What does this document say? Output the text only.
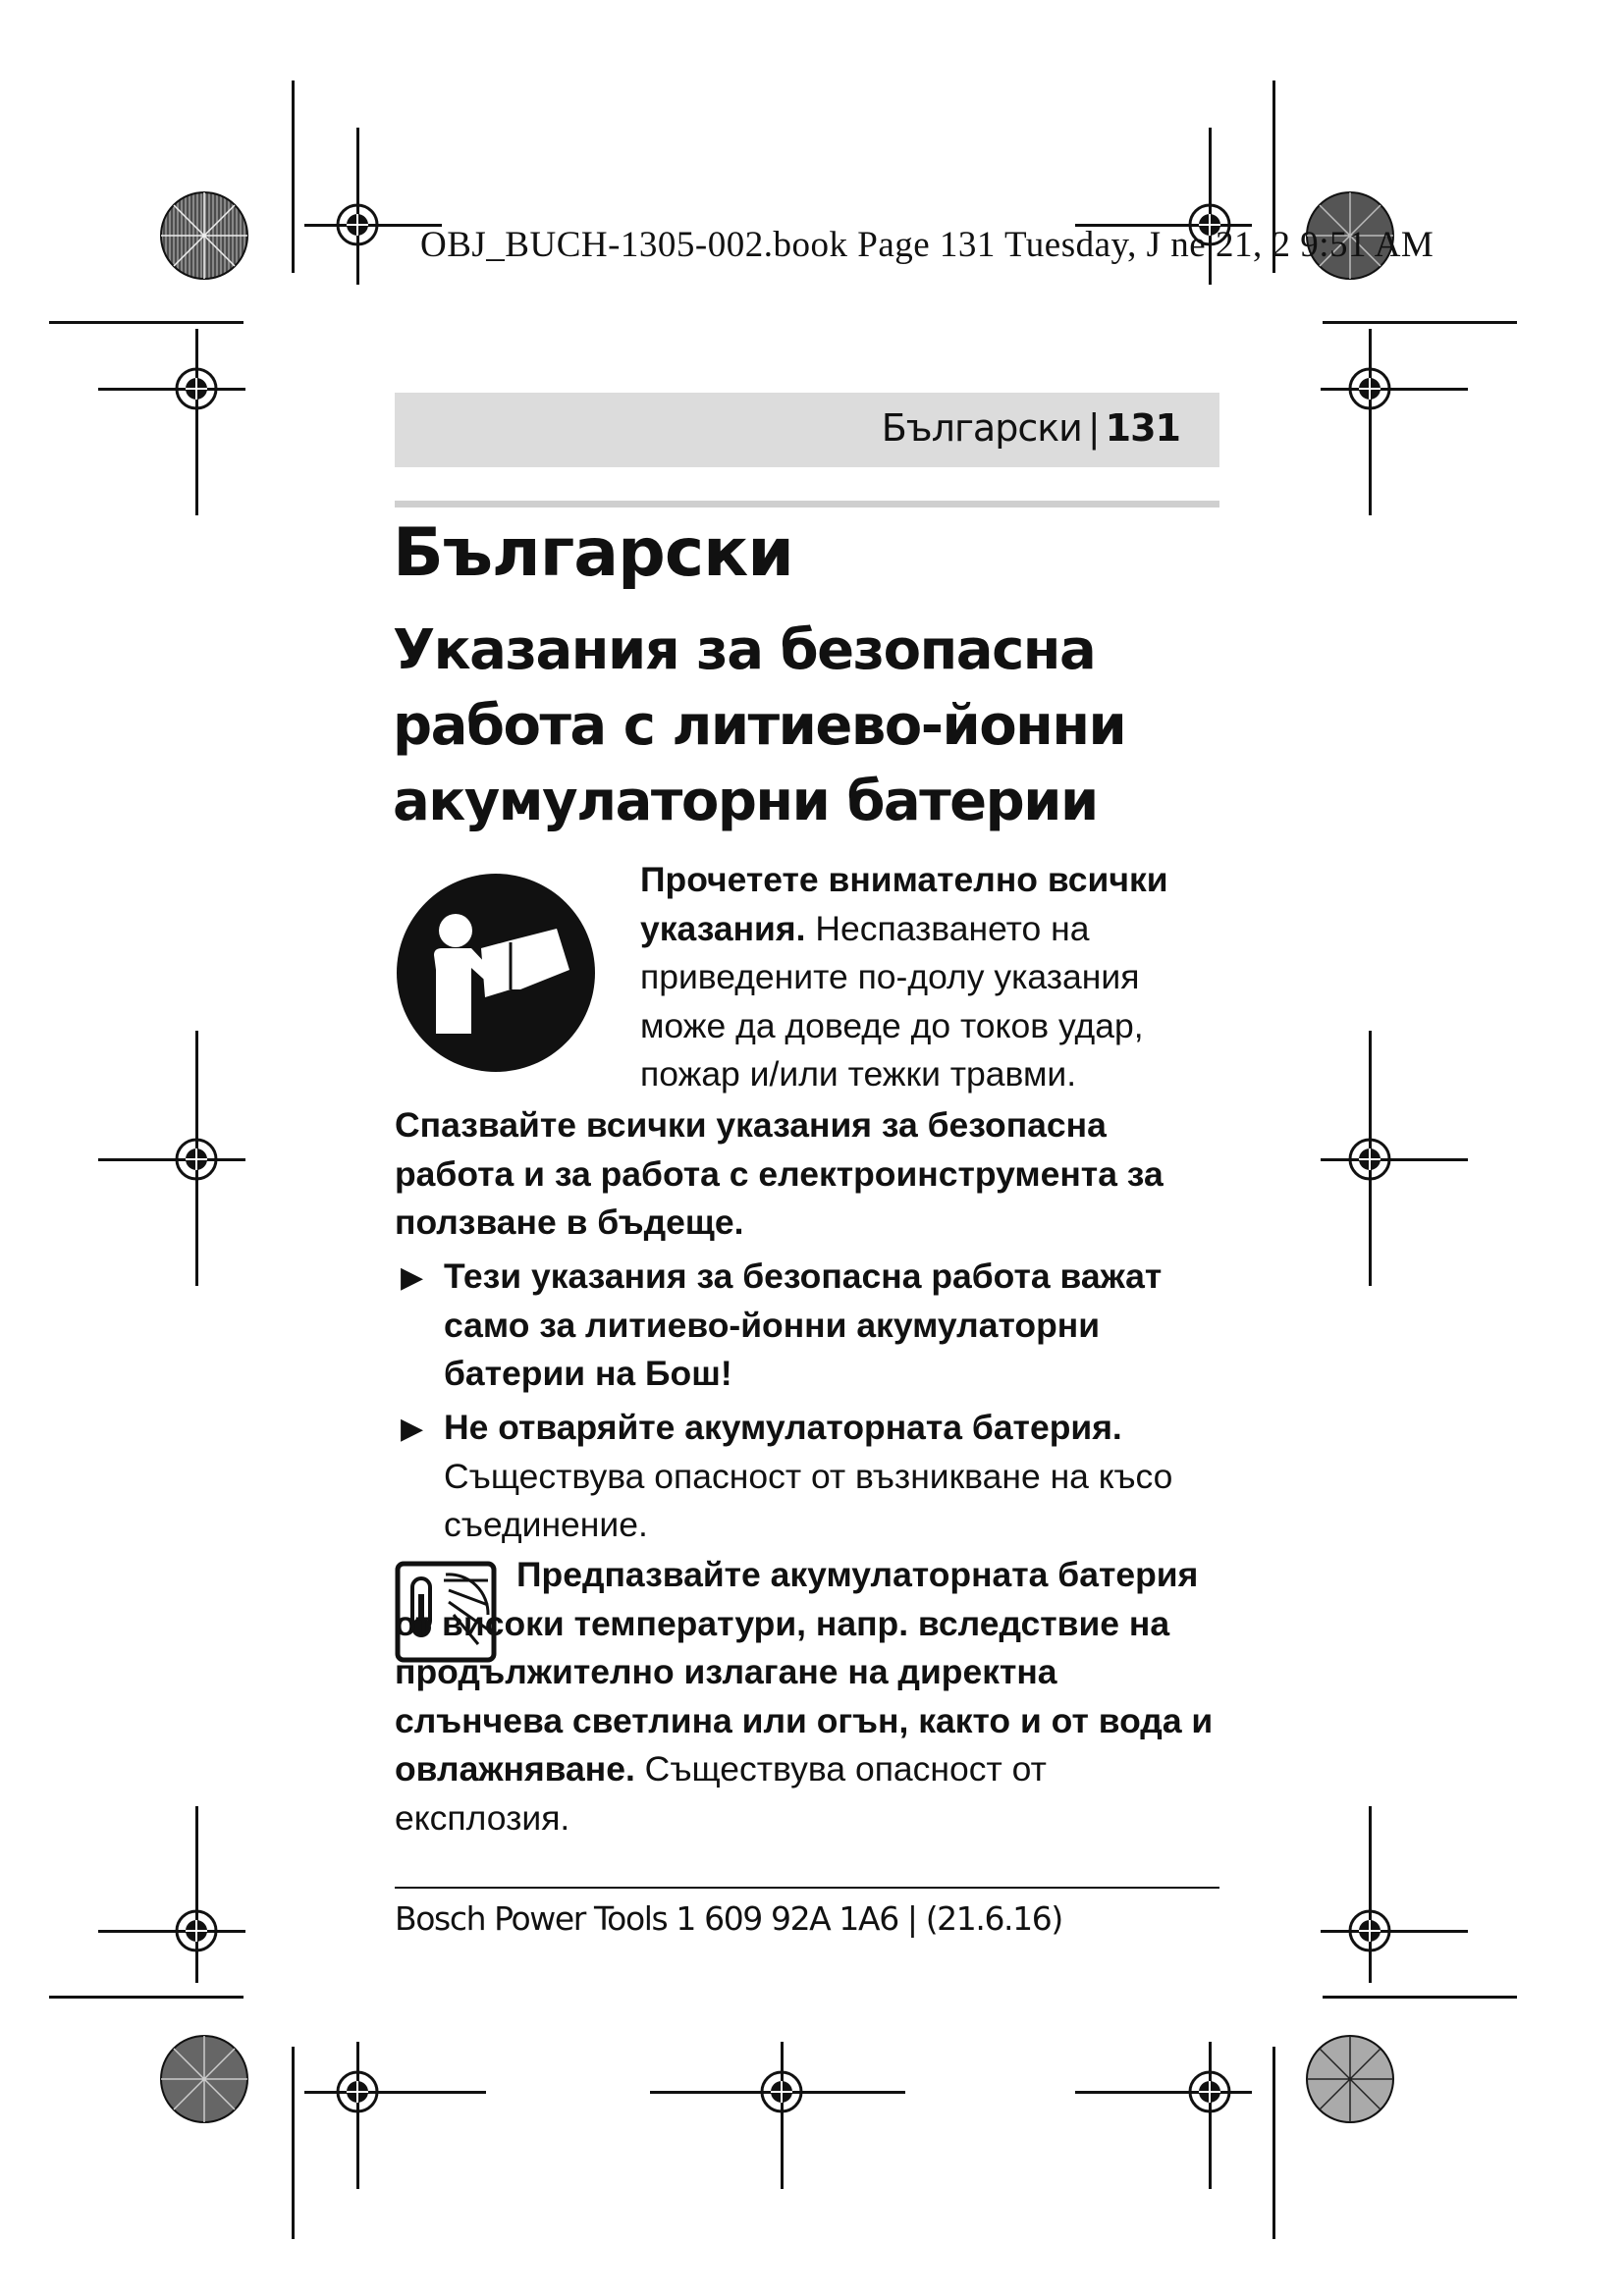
OBJ_BUCH-1305-002.book Page 131 Tuesday, J ne 21, 2 9:51 AM
Български | 131
Български
Указания за безопасна работа с литиево-йонни акумулаторни батерии
Прочетете внимателно всички указания. Неспазването на приведените по-долу указания може да доведе до токов удар, пожар и/или тежки травми.
Спазвайте всички указания за безопасна работа и за работа с електроинструмента за ползване в бъдеще.
▶ Тези указания за безопасна работа важат само за литиево-йонни акумулаторни батерии на Бош!
▶ Не отваряйте акумулаторната батерия. Съществува опасност от възникване на късо съединение.
Предпазвайте акумулаторната батерия от високи температури, напр. вследствие на продължително излагане на директна слънчева светлина или огън, както и от вода и овлажняване. Съществува опасност от експлозия.
Bosch Power Tools 1 609 92A 1A6 | (21.6.16)
